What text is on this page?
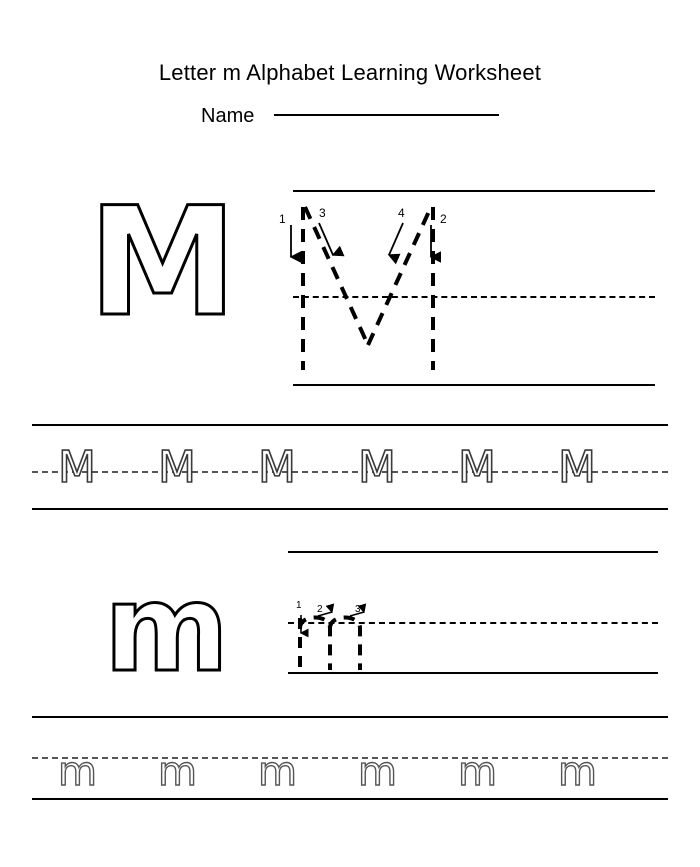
Letter m Alphabet Learning Worksheet
Name
M	1	3	4	2
M M M M M M
m	1 2	3
m m m m m m
